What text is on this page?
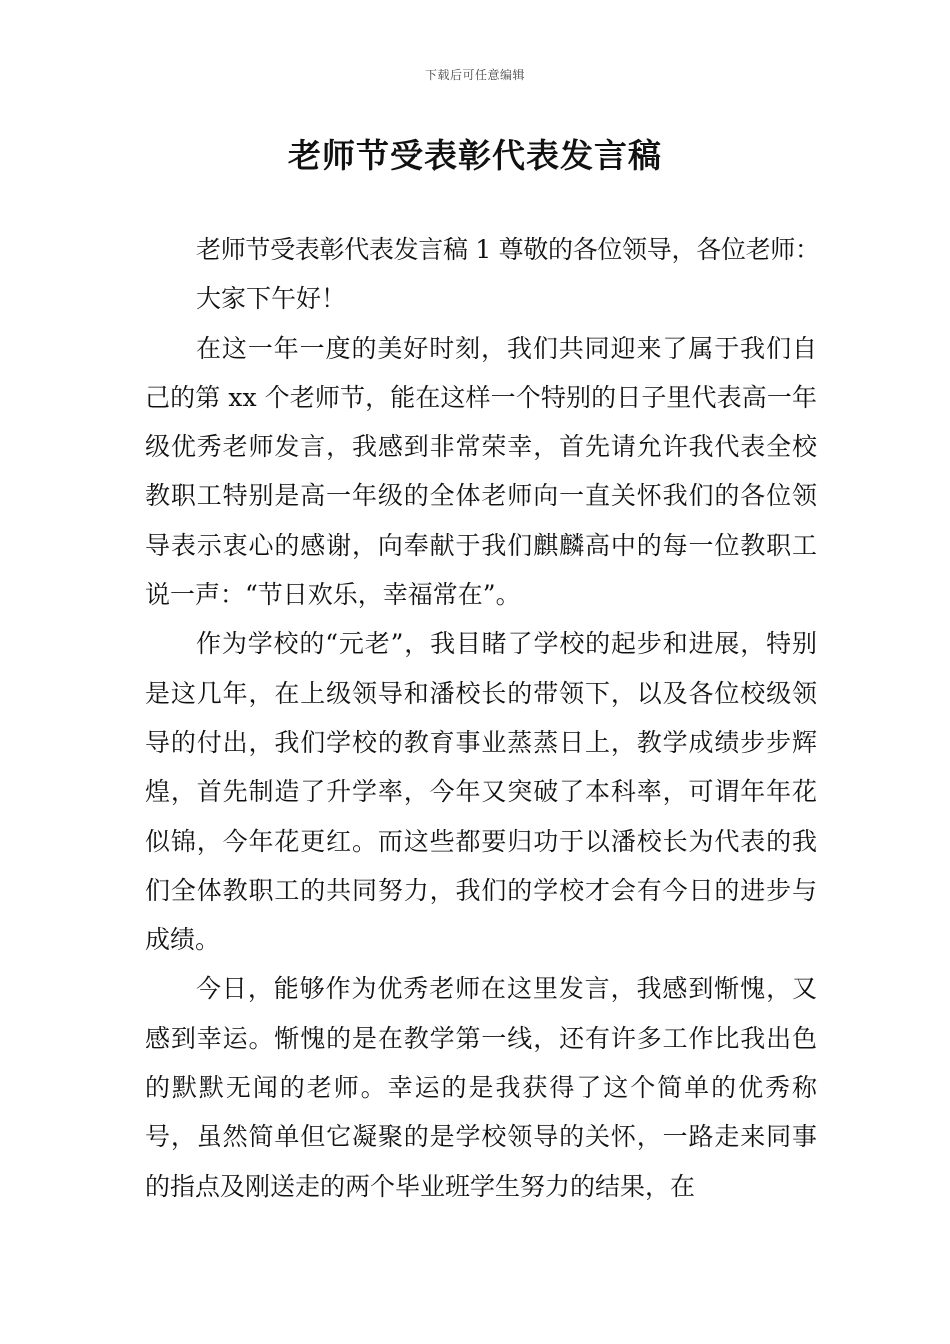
下载后可任意编辑
老师节受表彰代表发言稿

老师节受表彰代表发言稿 1 尊敬的各位领导，各位老师：

大家下午好！

在这一年一度的美好时刻，我们共同迎来了属于我们自己的第 xx 个老师节，能在这样一个特别的日子里代表高一年级优秀老师发言，我感到非常荣幸，首先请允许我代表全校教职工特别是高一年级的全体老师向一直关怀我们的各位领导表示衷心的感谢，向奉献于我们麒麟高中的每一位教职工说一声：“节日欢乐，幸福常在”。

作为学校的“元老”，我目睹了学校的起步和进展，特别是这几年，在上级领导和潘校长的带领下，以及各位校级领导的付出，我们学校的教育事业蒸蒸日上，教学成绩步步辉煌，首先制造了升学率，今年又突破了本科率，可谓年年花似锦，今年花更红。而这些都要归功于以潘校长为代表的我们全体教职工的共同努力，我们的学校才会有今日的进步与成绩。

今日，能够作为优秀老师在这里发言，我感到惭愧，又感到幸运。惭愧的是在教学第一线，还有许多工作比我出色的默默无闻的老师。幸运的是我获得了这个简单的优秀称号，虽然简单但它凝聚的是学校领导的关怀，一路走来同事的指点及刚送走的两个毕业班学生努力的结果，在
